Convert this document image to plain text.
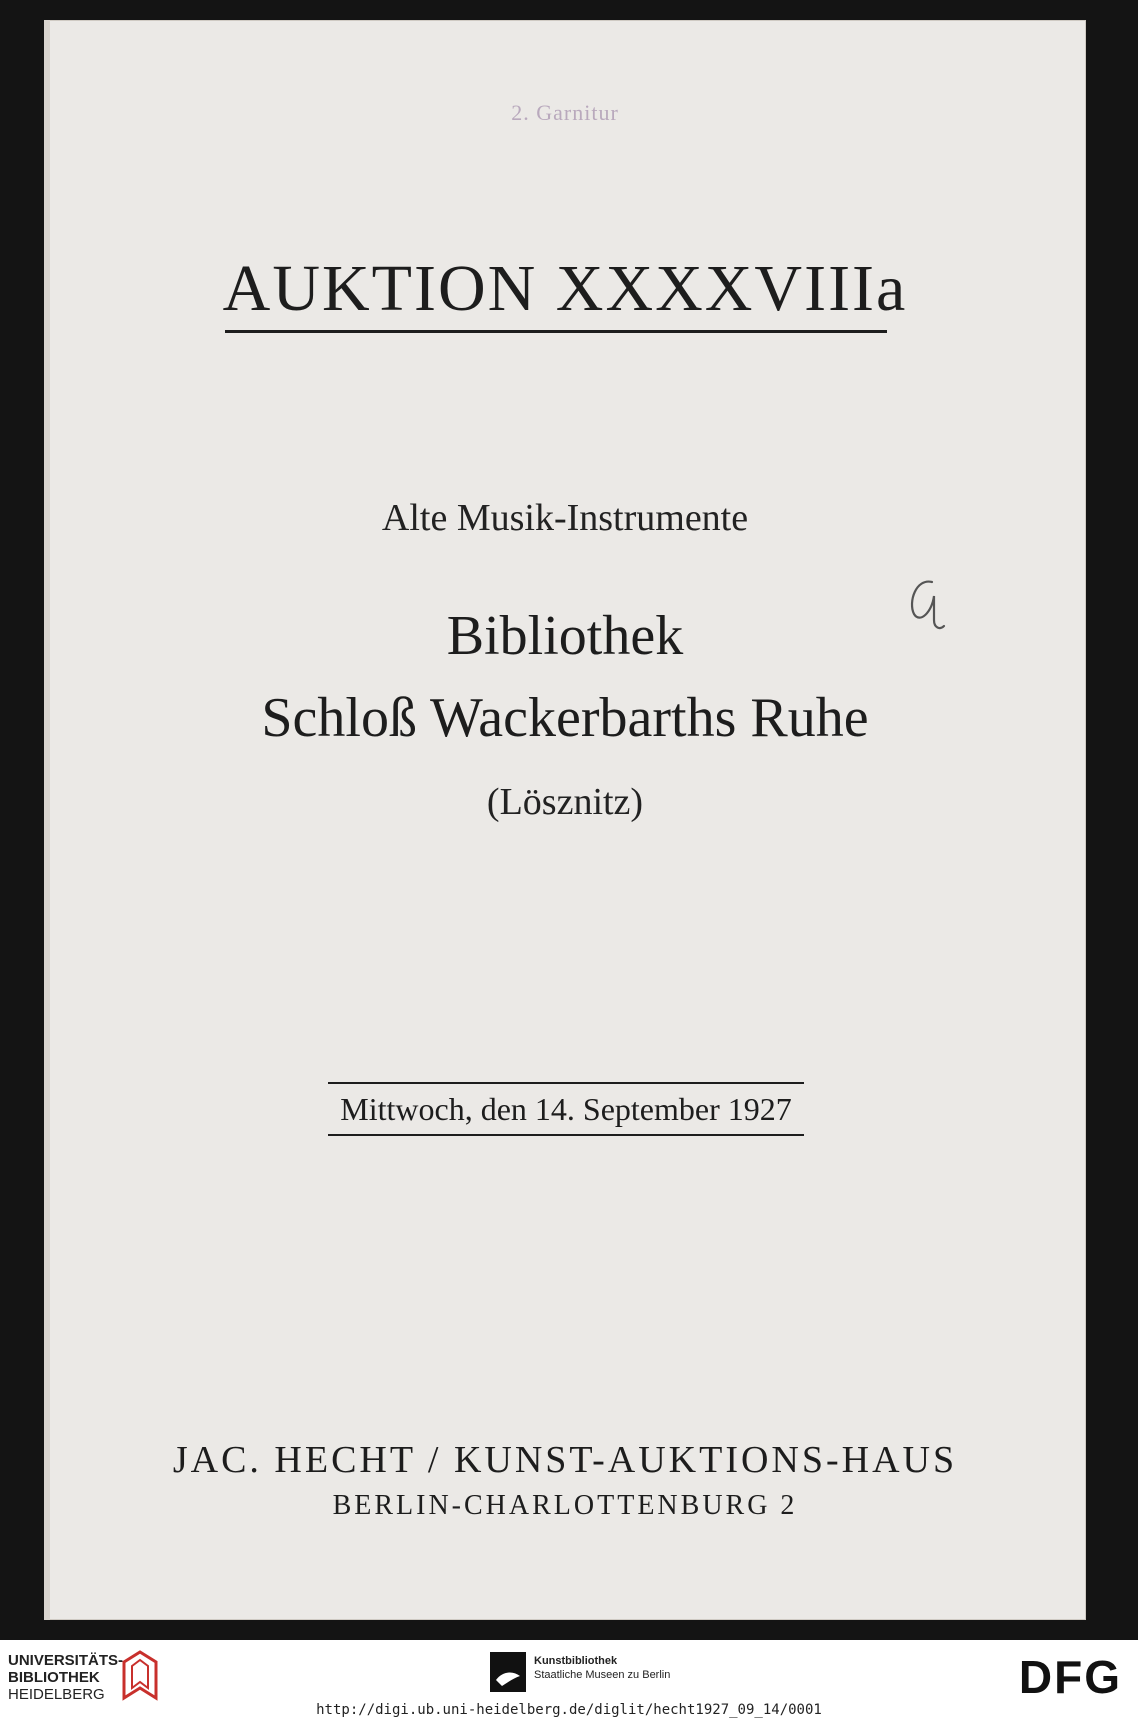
2. Garnitur
AUKTION XXXXVIIIa
Alte Musik-Instrumente
Bibliothek
Schloß Wackerbarths Ruhe
(Lösznitz)
Mittwoch, den 14. September 1927
JAC. HECHT / KUNST-AUKTIONS-HAUS
BERLIN-CHARLOTTENBURG 2
UNIVERSITÄTS-
BIBLIOTHEK
HEIDELBERG
Kunstbibliothek
Staatliche Museen zu Berlin	DFG
http://digi.ub.uni-heidelberg.de/diglit/hecht1927_09_14/0001
